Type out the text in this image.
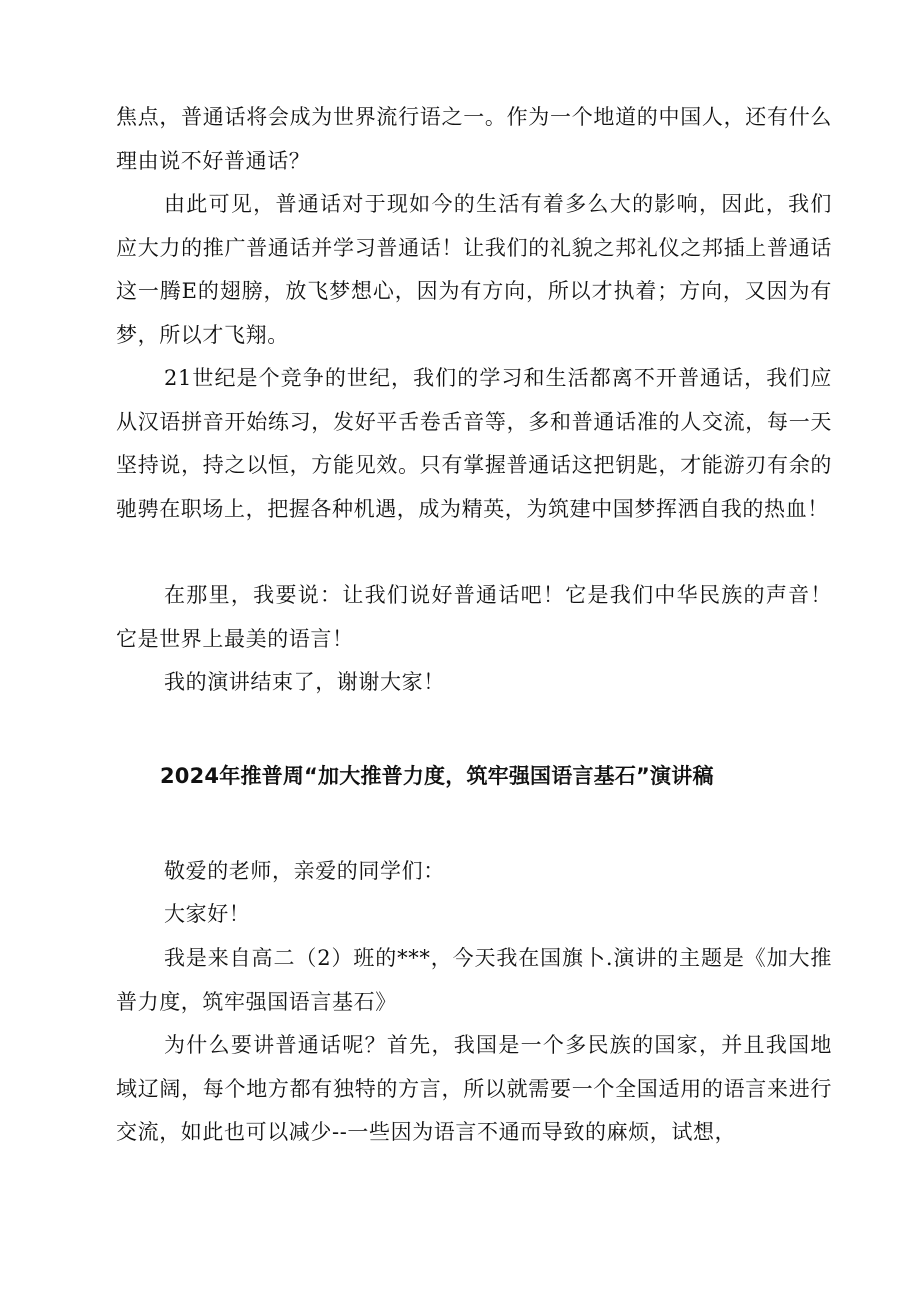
焦点，普通话将会成为世界流行语之一。作为一个地道的中国人，还有什么理由说不好普通话？

由此可见，普通话对于现如今的生活有着多么大的影响，因此，我们应大力的推广普通话并学习普通话！让我们的礼貌之邦礼仪之邦插上普通话这一腾E的翅膀，放飞梦想心，因为有方向，所以才执着；方向，又因为有梦，所以才飞翔。

21世纪是个竞争的世纪，我们的学习和生活都离不开普通话，我们应从汉语拼音开始练习，发好平舌卷舌音等，多和普通话准的人交流，每一天坚持说，持之以恒，方能见效。只有掌握普通话这把钥匙，才能游刃有余的驰骋在职场上，把握各种机遇，成为精英，为筑建中国梦挥洒自我的热血！

在那里，我要说：让我们说好普通话吧！它是我们中华民族的声音！它是世界上最美的语言！

我的演讲结束了，谢谢大家！

2024年推普周“加大推普力度，筑牢强国语言基石”演讲稿

敬爱的老师，亲爱的同学们：

大家好！

我是来自高二（2）班的***，今天我在国旗卜.演讲的主题是《加大推普力度，筑牢强国语言基石》

为什么要讲普通话呢？首先，我国是一个多民族的国家，并且我国地域辽阔，每个地方都有独特的方言，所以就需要一个全国适用的语言来进行交流，如此也可以减少--一些因为语言不通而导致的麻烦，试想，
